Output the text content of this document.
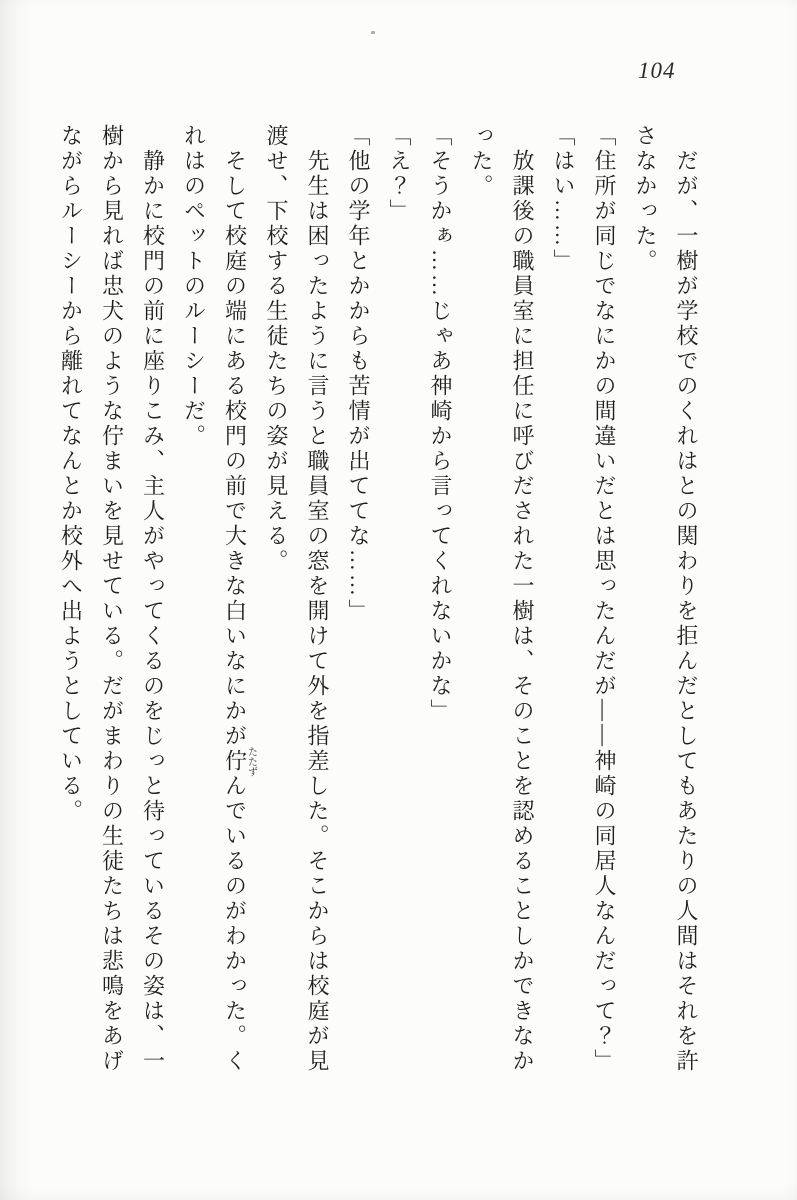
104

　だが、一樹が学校でのくれはとの関わりを拒んだとしてもあたりの人間はそれを許

さなかった。

「住所が同じでなにかの間違いだとは思ったんだが――神崎の同居人なんだって？」

「はい……」

　放課後の職員室に担任に呼びだされた一樹は、そのことを認めることしかできなか

った。

「そうかぁ……じゃあ神崎から言ってくれないかな」

「え？」

「他の学年とかからも苦情が出ててな……」

　先生は困ったように言うと職員室の窓を開けて外を指差した。そこからは校庭が見

渡せ、下校する生徒たちの姿が見える。

　そして校庭の端にある校門の前で大きな白いなにかが佇たたずんでいるのがわかった。く

れはのペットのルーシーだ。

　静かに校門の前に座りこみ、主人がやってくるのをじっと待っているその姿は、一

樹から見れば忠犬のような佇まいを見せている。だがまわりの生徒たちは悲鳴をあげ

ながらルーシーから離れてなんとか校外へ出ようとしている。
